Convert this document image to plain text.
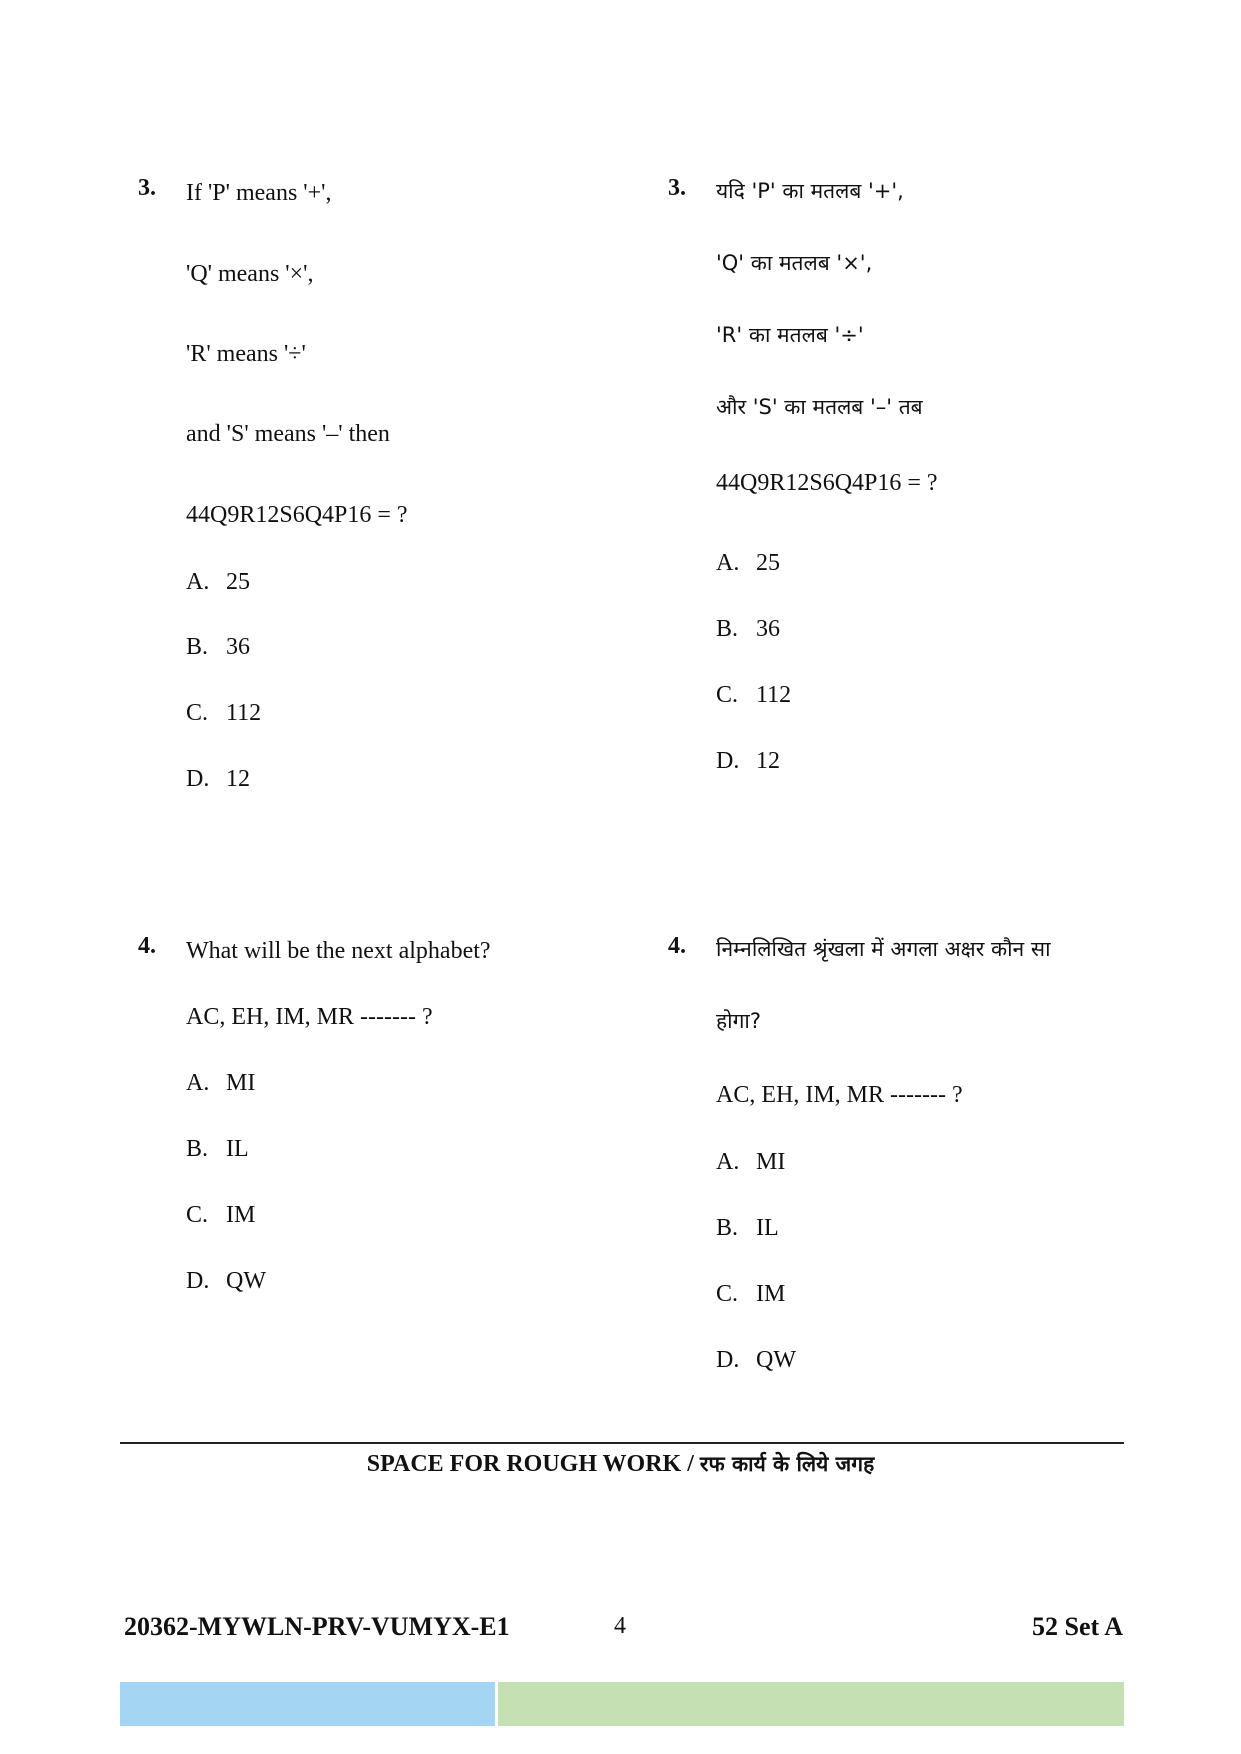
3. If 'P' means '+',
'Q' means '×',
'R' means '÷'
and 'S' means '–' then
44Q9R12S6Q4P16 = ?
A. 25
B. 36
C. 112
D. 12
4. What will be the next alphabet?
AC, EH, IM, MR ------- ?
A. MI
B. IL
C. IM
D. QW
3. यदि 'P' का मतलब '+',
'Q' का मतलब '×',
'R' का मतलब '÷'
और 'S' का मतलब '–' तब
44Q9R12S6Q4P16 = ?
A. 25
B. 36
C. 112
D. 12
4. निम्नलिखित श्रृंखला में अगला अक्षर कौन सा
होगा?
AC, EH, IM, MR ------- ?
A. MI
B. IL
C. IM
D. QW
SPACE FOR ROUGH WORK / रफ कार्य के लिये जगह
20362-MYWLN-PRV-VUMYX-E1	4	52 Set A
